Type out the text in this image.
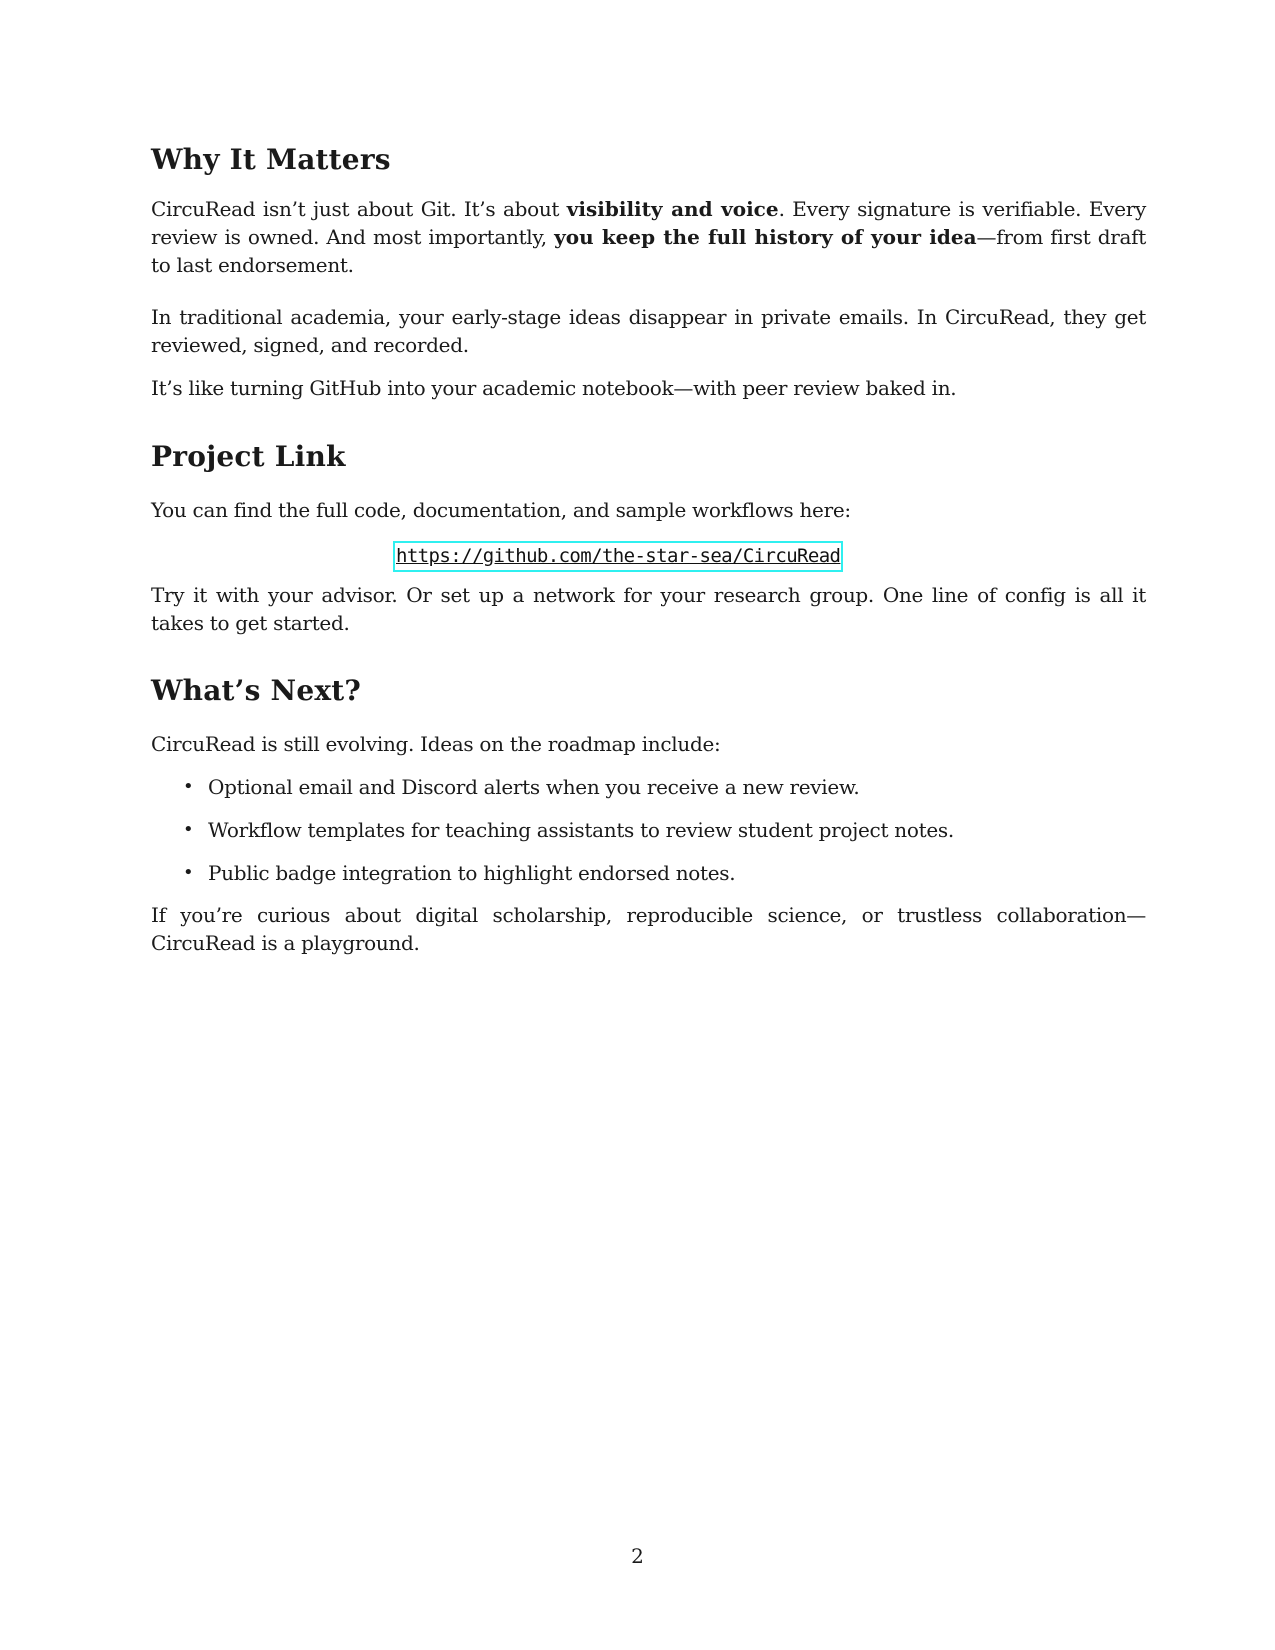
Why It Matters

CircuRead isn’t just about Git. It’s about visibility and voice. Every signature is verifiable. Every review is owned. And most importantly, you keep the full history of your idea—from first draft to last endorsement.

In traditional academia, your early-stage ideas disappear in private emails. In CircuRead, they get reviewed, signed, and recorded.

It’s like turning GitHub into your academic notebook—with peer review baked in.

Project Link

You can find the full code, documentation, and sample workflows here:

https://github.com/the-star-sea/CircuRead

Try it with your advisor. Or set up a network for your research group. One line of config is all it takes to get started.

What’s Next?

CircuRead is still evolving. Ideas on the roadmap include:

• Optional email and Discord alerts when you receive a new review.
• Workflow templates for teaching assistants to review student project notes.
• Public badge integration to highlight endorsed notes.

If you’re curious about digital scholarship, reproducible science, or trustless collaboration—CircuRead is a playground.

2
